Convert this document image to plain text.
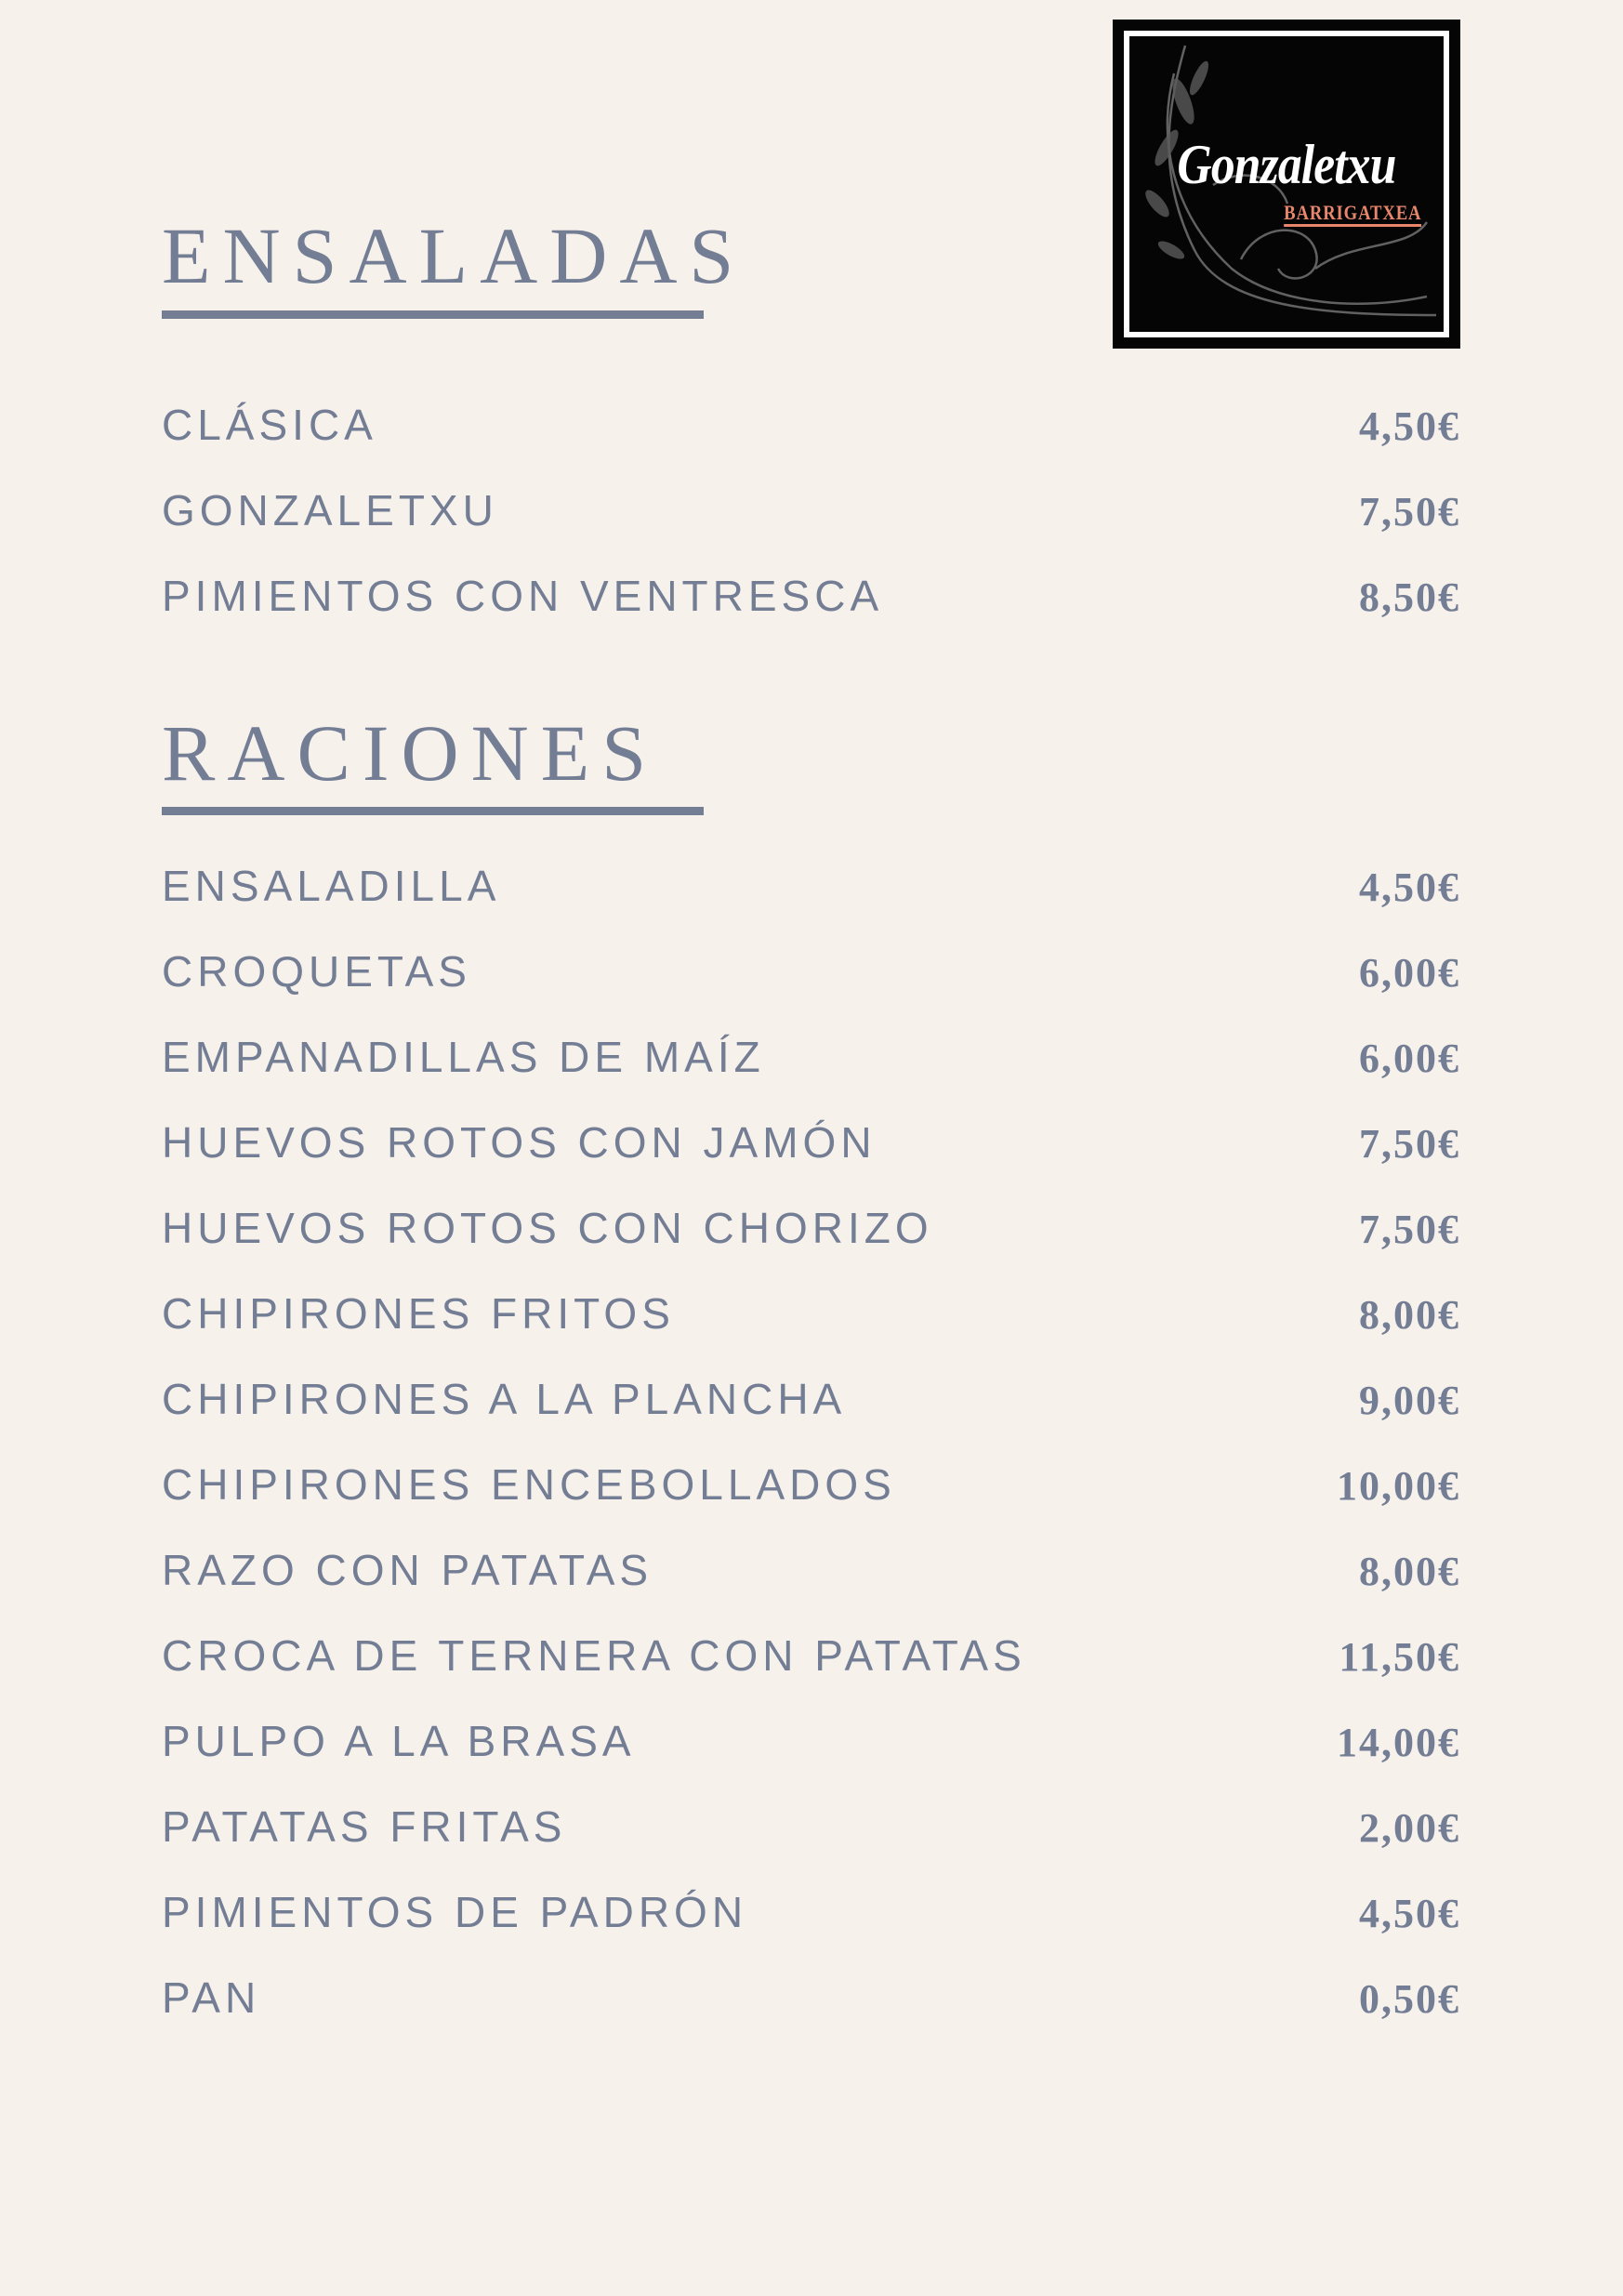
Gonzaletxu
BARRIGATXEA
ENSALADAS
CLÁSICA	4,50€
GONZALETXU	7,50€
PIMIENTOS CON VENTRESCA	8,50€
RACIONES
ENSALADILLA	4,50€
CROQUETAS	6,00€
EMPANADILLAS DE MAÍZ	6,00€
HUEVOS ROTOS CON JAMÓN	7,50€
HUEVOS ROTOS CON CHORIZO	7,50€
CHIPIRONES FRITOS	8,00€
CHIPIRONES A LA PLANCHA	9,00€
CHIPIRONES ENCEBOLLADOS	10,00€
RAZO CON PATATAS	8,00€
CROCA DE TERNERA CON PATATAS	11,50€
PULPO A LA BRASA	14,00€
PATATAS FRITAS	2,00€
PIMIENTOS DE PADRÓN	4,50€
PAN	0,50€
